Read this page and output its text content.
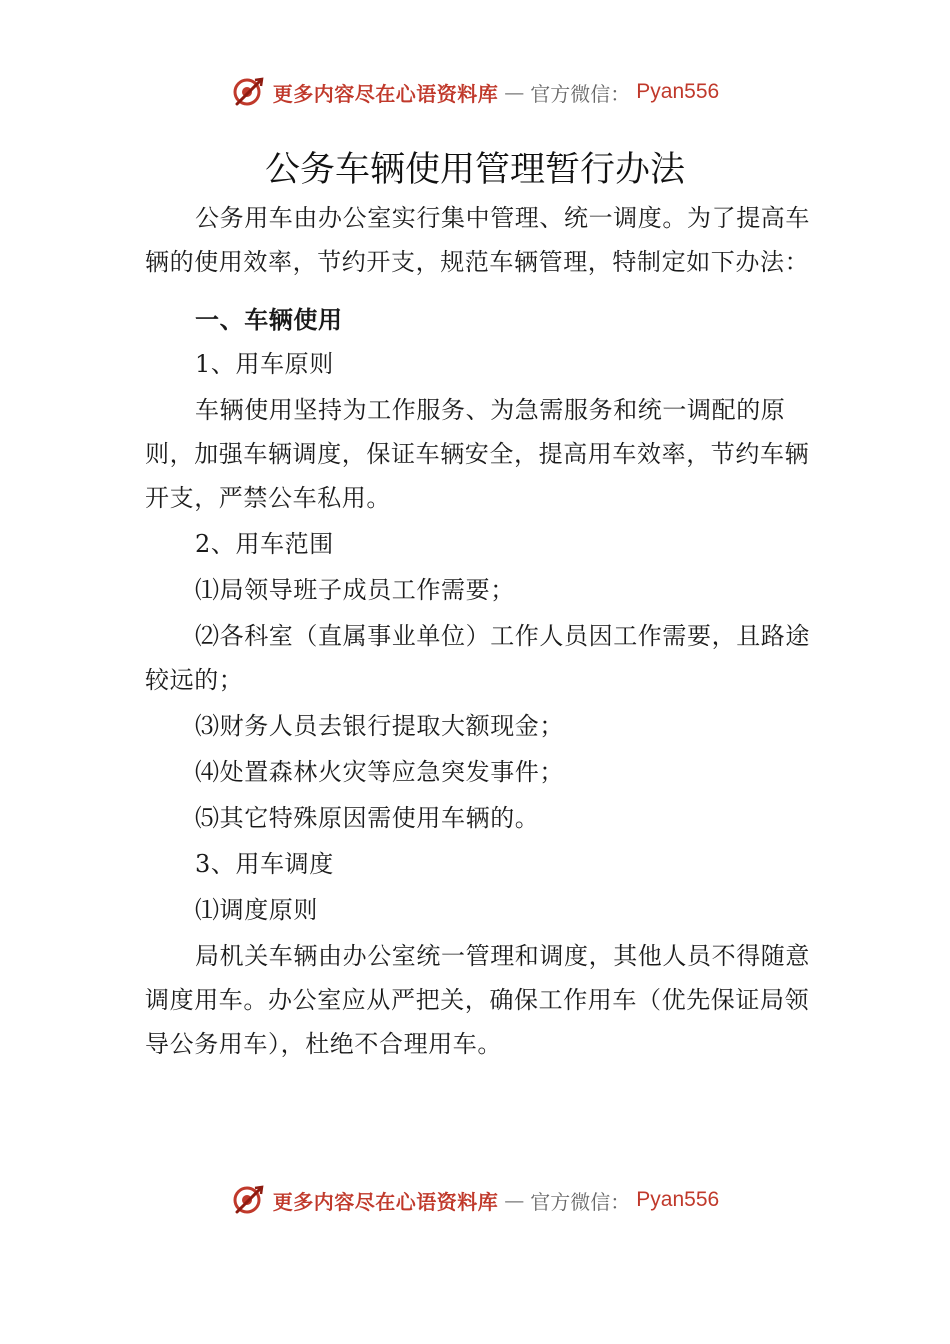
更多内容尽在心语资料库 — 官方微信： Pyan556
公务车辆使用管理暂行办法

公务用车由办公室实行集中管理、统一调度。为了提高车辆的使用效率，节约开支，规范车辆管理，特制定如下办法：

一、车辆使用

1、用车原则

车辆使用坚持为工作服务、为急需服务和统一调配的原则，加强车辆调度，保证车辆安全，提高用车效率，节约车辆开支，严禁公车私用。

2、用车范围

⑴局领导班子成员工作需要；

⑵各科室（直属事业单位）工作人员因工作需要，且路途较远的；

⑶财务人员去银行提取大额现金；

⑷处置森林火灾等应急突发事件；

⑸其它特殊原因需使用车辆的。

3、用车调度

⑴调度原则

局机关车辆由办公室统一管理和调度，其他人员不得随意调度用车。办公室应从严把关，确保工作用车（优先保证局领导公务用车），杜绝不合理用车。

更多内容尽在心语资料库 — 官方微信： Pyan556
